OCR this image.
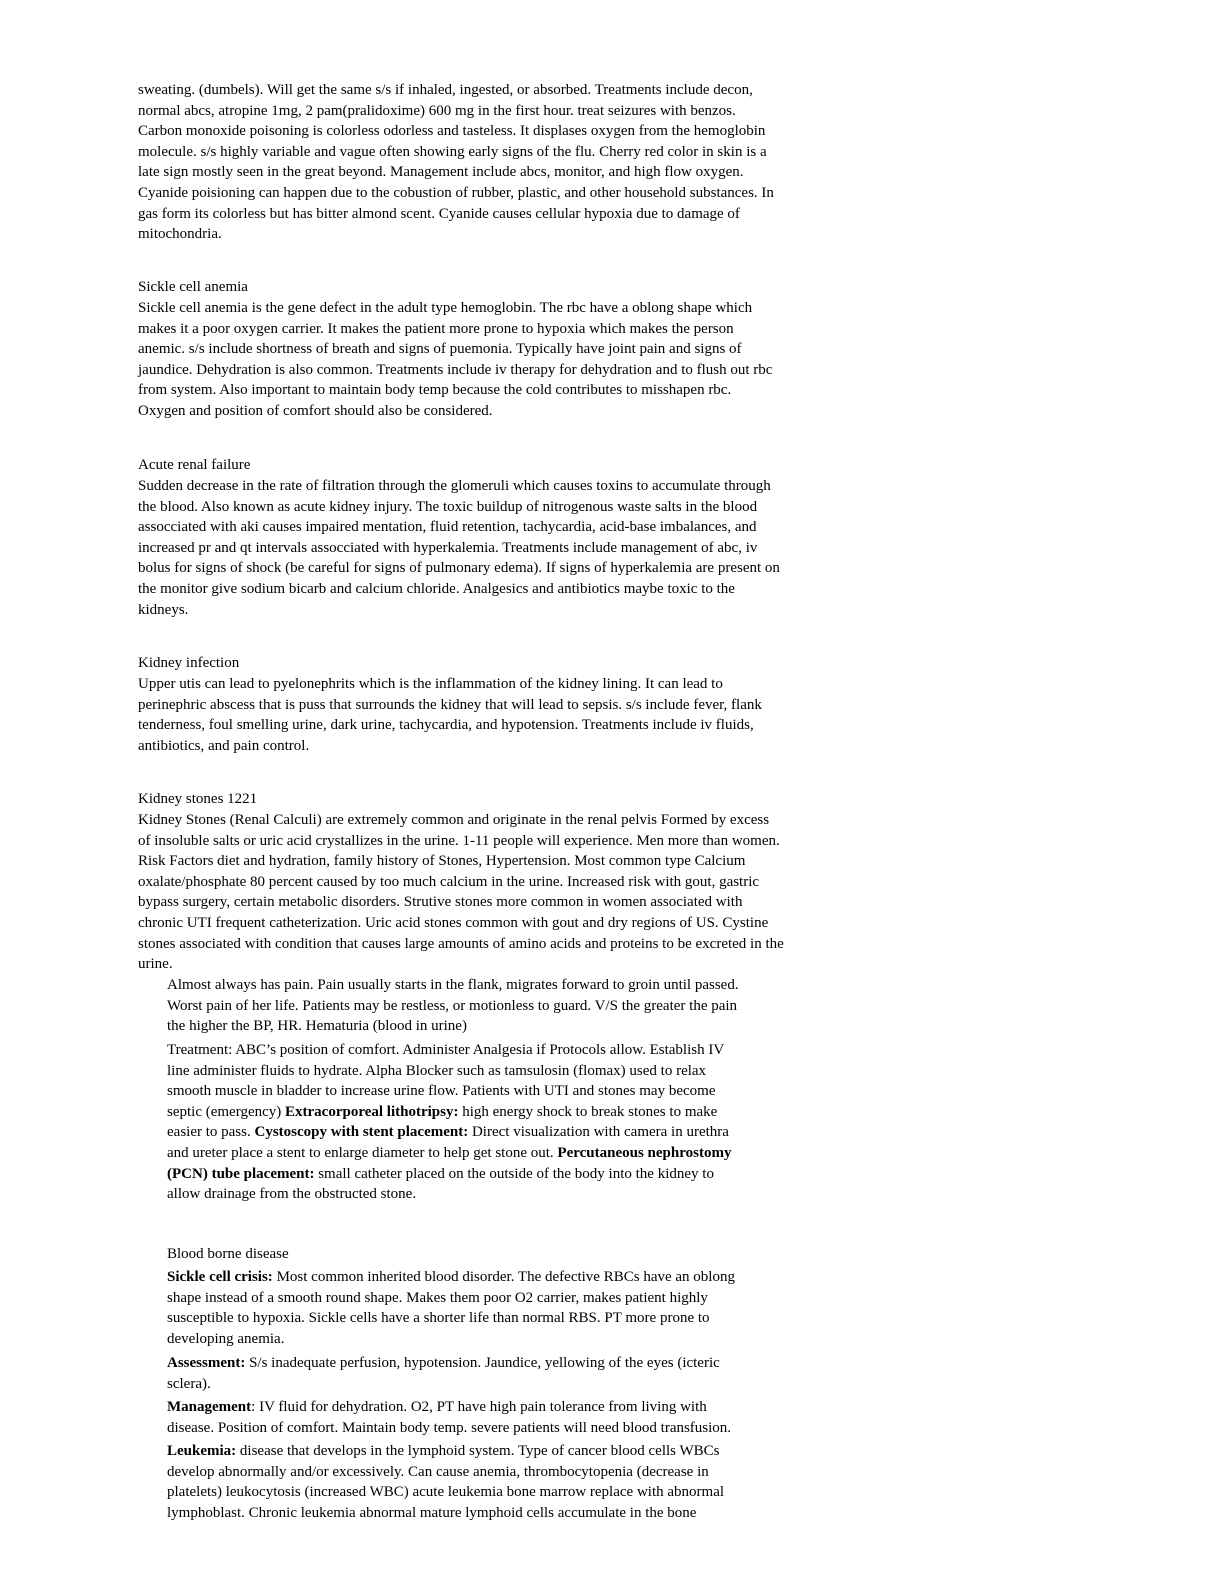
sweating. (dumbels). Will get the same s/s if inhaled, ingested, or absorbed. Treatments include decon,
normal abcs, atropine 1mg, 2 pam(pralidoxime) 600 mg in the first hour. treat seizures with benzos.
Carbon monoxide poisoning is colorless odorless and tasteless. It displases oxygen from the hemoglobin
molecule. s/s highly variable and vague often showing early signs of the flu. Cherry red color in skin is a
late sign mostly seen in the great beyond. Management include abcs, monitor, and high flow oxygen.
Cyanide poisioning can happen due to the cobustion of rubber, plastic, and other household substances. In
gas form its colorless but has bitter almond scent. Cyanide causes cellular hypoxia due to damage of
mitochondria.
Sickle cell anemia
Sickle cell anemia is the gene defect in the adult type hemoglobin. The rbc have a oblong shape which
makes it a poor oxygen carrier. It makes the patient more prone to hypoxia which makes the person
anemic. s/s include shortness of breath and signs of puemonia. Typically have joint pain and signs of
jaundice. Dehydration is also common. Treatments include iv therapy for dehydration and to flush out rbc
from system. Also important to maintain body temp because the cold contributes to misshapen rbc.
Oxygen and position of comfort should also be considered.
Acute renal failure
Sudden decrease in the rate of filtration through the glomeruli which causes toxins to accumulate through
the blood. Also known as acute kidney injury. The toxic buildup of nitrogenous waste salts in the blood
assocciated with aki causes impaired mentation, fluid retention, tachycardia, acid-base imbalances, and
increased pr and qt intervals assocciated with hyperkalemia. Treatments include management of abc, iv
bolus for signs of shock (be careful for signs of pulmonary edema). If signs of hyperkalemia are present on
the monitor give sodium bicarb and calcium chloride. Analgesics and antibiotics maybe toxic to the
kidneys.
Kidney infection
Upper utis can lead to pyelonephrits which is the inflammation of the kidney lining. It can lead to
perinephric abscess that is puss that surrounds the kidney that will lead to sepsis. s/s include fever, flank
tenderness, foul smelling urine, dark urine, tachycardia, and hypotension. Treatments include iv fluids,
antibiotics, and pain control.
Kidney stones 1221
Kidney Stones (Renal Calculi) are extremely common and originate in the renal pelvis Formed by excess
of insoluble salts or uric acid crystallizes in the urine. 1-11 people will experience. Men more than women.
Risk Factors diet and hydration, family history of Stones, Hypertension. Most common type Calcium
oxalate/phosphate 80 percent caused by too much calcium in the urine. Increased risk with gout, gastric
bypass surgery, certain metabolic disorders. Strutive stones more common in women associated with
chronic UTI frequent catheterization. Uric acid stones common with gout and dry regions of US. Cystine
stones associated with condition that causes large amounts of amino acids and proteins to be excreted in the
urine.
Almost always has pain. Pain usually starts in the flank, migrates forward to groin until passed.
Worst pain of her life. Patients may be restless, or motionless to guard. V/S the greater the pain
the higher the BP, HR. Hematuria (blood in urine)
Treatment: ABC’s position of comfort. Administer Analgesia if Protocols allow. Establish IV
line administer fluids to hydrate. Alpha Blocker such as tamsulosin (flomax) used to relax
smooth muscle in bladder to increase urine flow. Patients with UTI and stones may become
septic (emergency) Extracorporeal lithotripsy: high energy shock to break stones to make
easier to pass. Cystoscopy with stent placement: Direct visualization with camera in urethra
and ureter place a stent to enlarge diameter to help get stone out. Percutaneous nephrostomy
(PCN) tube placement: small catheter placed on the outside of the body into the kidney to
allow drainage from the obstructed stone.
Blood borne disease
Sickle cell crisis: Most common inherited blood disorder. The defective RBCs have an oblong
shape instead of a smooth round shape. Makes them poor O2 carrier, makes patient highly
susceptible to hypoxia. Sickle cells have a shorter life than normal RBS. PT more prone to
developing anemia.
Assessment: S/s inadequate perfusion, hypotension. Jaundice, yellowing of the eyes (icteric
sclera).
Management: IV fluid for dehydration. O2, PT have high pain tolerance from living with
disease. Position of comfort. Maintain body temp. severe patients will need blood transfusion.
Leukemia: disease that develops in the lymphoid system. Type of cancer blood cells WBCs
develop abnormally and/or excessively. Can cause anemia, thrombocytopenia (decrease in
platelets) leukocytosis (increased WBC) acute leukemia bone marrow replace with abnormal
lymphoblast. Chronic leukemia abnormal mature lymphoid cells accumulate in the bone
